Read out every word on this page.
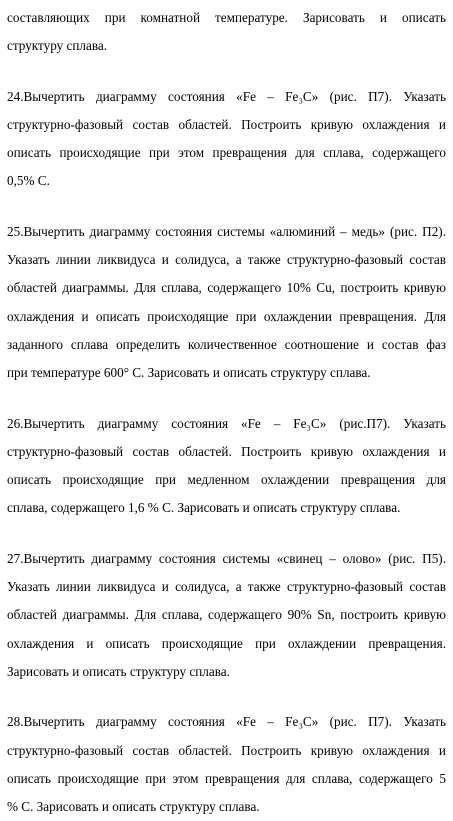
составляющих при комнатной температуре. Зарисовать и описать
структуру сплава.

24.Вычертить диаграмму состояния «Fe – Fe₃C» (рис. П7). Указать
структурно-фазовый состав областей. Построить кривую охлаждения и
описать происходящие при этом превращения для сплава, содержащего
0,5% С.

25.Вычертить диаграмму состояния системы «алюминий – медь» (рис. П2).
Указать линии ликвидуса и солидуса, а также структурно-фазовый состав
областей диаграммы. Для сплава, содержащего 10% Cu, построить кривую
охлаждения и описать происходящие при охлаждении превращения. Для
заданного сплава определить количественное соотношение и состав фаз
при температуре 600° С. Зарисовать и описать структуру сплава.

26.Вычертить диаграмму состояния «Fe – Fe₃C» (рис.П7). Указать
структурно-фазовый состав областей. Построить кривую охлаждения и
описать происходящие при медленном охлаждении превращения для
сплава, содержащего 1,6 % С. Зарисовать и описать структуру сплава.

27.Вычертить диаграмму состояния системы «свинец – олово» (рис. П5).
Указать линии ликвидуса и солидуса, а также структурно-фазовый состав
областей диаграммы. Для сплава, содержащего 90% Sn, построить кривую
охлаждения и описать происходящие при охлаждении превращения.
Зарисовать и описать структуру сплава.

28.Вычертить диаграмму состояния «Fe – Fe₃C» (рис. П7). Указать
структурно-фазовый состав областей. Построить кривую охлаждения и
описать происходящие при этом превращения для сплава, содержащего 5
% С. Зарисовать и описать структуру сплава.
